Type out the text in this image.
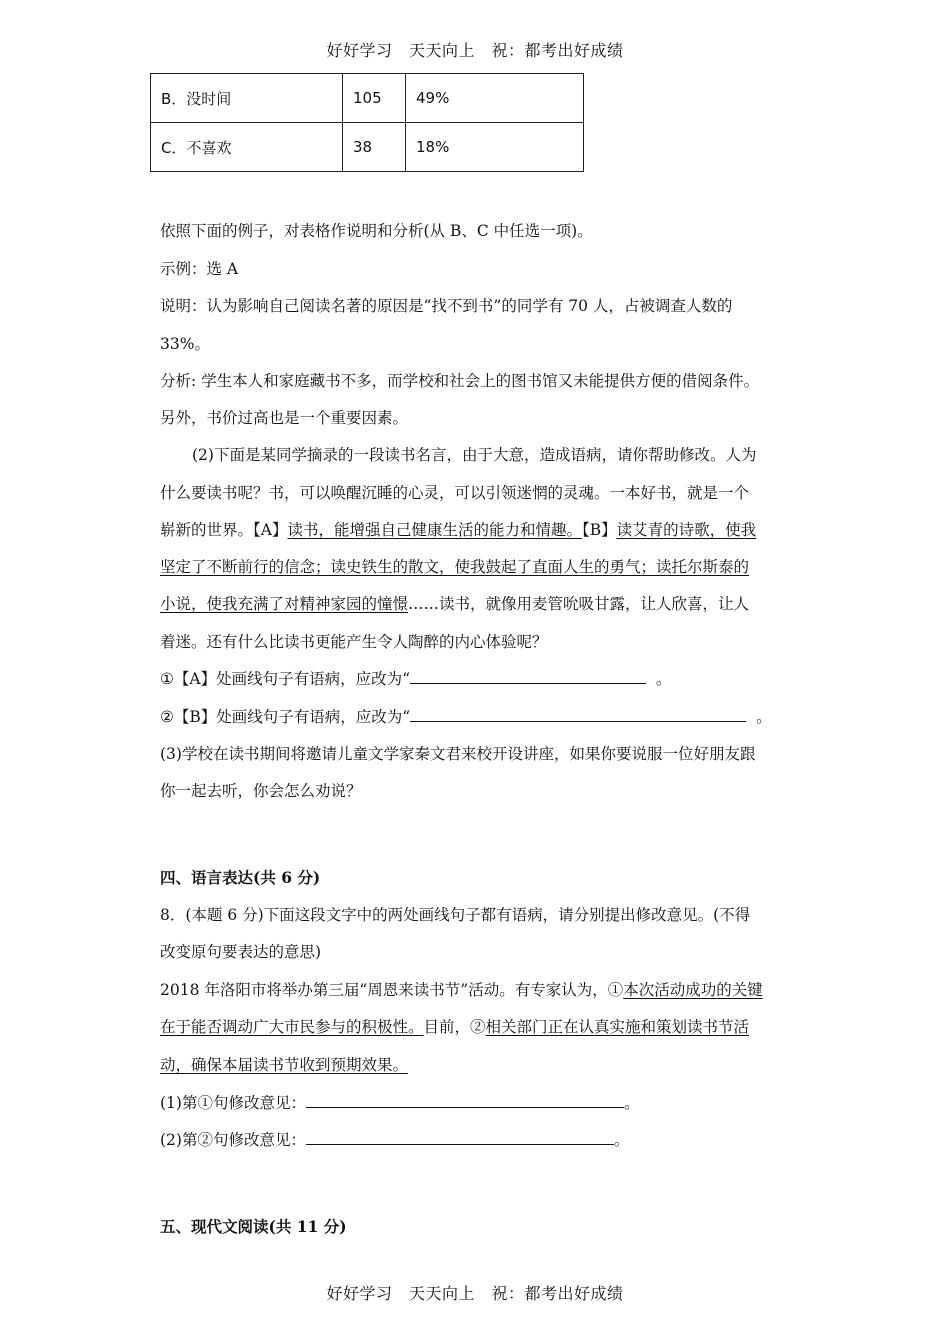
好好学习　天天向上　祝：都考出好成绩
B．没时间	105	49%
C．不喜欢	38	18%
依照下面的例子，对表格作说明和分析(从 B、C 中任选一项)。
示例：选 A
说明：认为影响自己阅读名著的原因是“找不到书”的同学有 70 人，占被调查人数的
33%。
分析: 学生本人和家庭藏书不多，而学校和社会上的图书馆又未能提供方便的借阅条件。
另外，书价过高也是一个重要因素。
(2)下面是某同学摘录的一段读书名言，由于大意，造成语病，请你帮助修改。人为
什么要读书呢？书，可以唤醒沉睡的心灵，可以引领迷惘的灵魂。一本好书，就是一个
崭新的世界。【A】读书，能增强自己健康生活的能力和情趣。【B】读艾青的诗歌，使我
坚定了不断前行的信念；读史铁生的散文，使我鼓起了直面人生的勇气；读托尔斯泰的
小说，使我充满了对精神家园的憧憬……读书，就像用麦管吮吸甘露，让人欣喜，让人
着迷。还有什么比读书更能产生令人陶醉的内心体验呢？
①【A】处画线句子有语病，应改为“	。
②【B】处画线句子有语病，应改为“	。
(3)学校在读书期间将邀请儿童文学家秦文君来校开设讲座，如果你要说服一位好朋友跟
你一起去听，你会怎么劝说？
四、语言表达(共 6 分)
8．(本题 6 分)下面这段文字中的两处画线句子都有语病，请分别提出修改意见。(不得
改变原句要表达的意思)
2018 年洛阳市将举办第三届“周恩来读书节”活动。有专家认为，①本次活动成功的关键
在于能否调动广大市民参与的积极性。目前，②相关部门正在认真实施和策划读书节活
动，确保本届读书节收到预期效果。
(1)第①句修改意见：	。
(2)第②句修改意见：	。
五、现代文阅读(共 11 分)
好好学习　天天向上　祝：都考出好成绩
